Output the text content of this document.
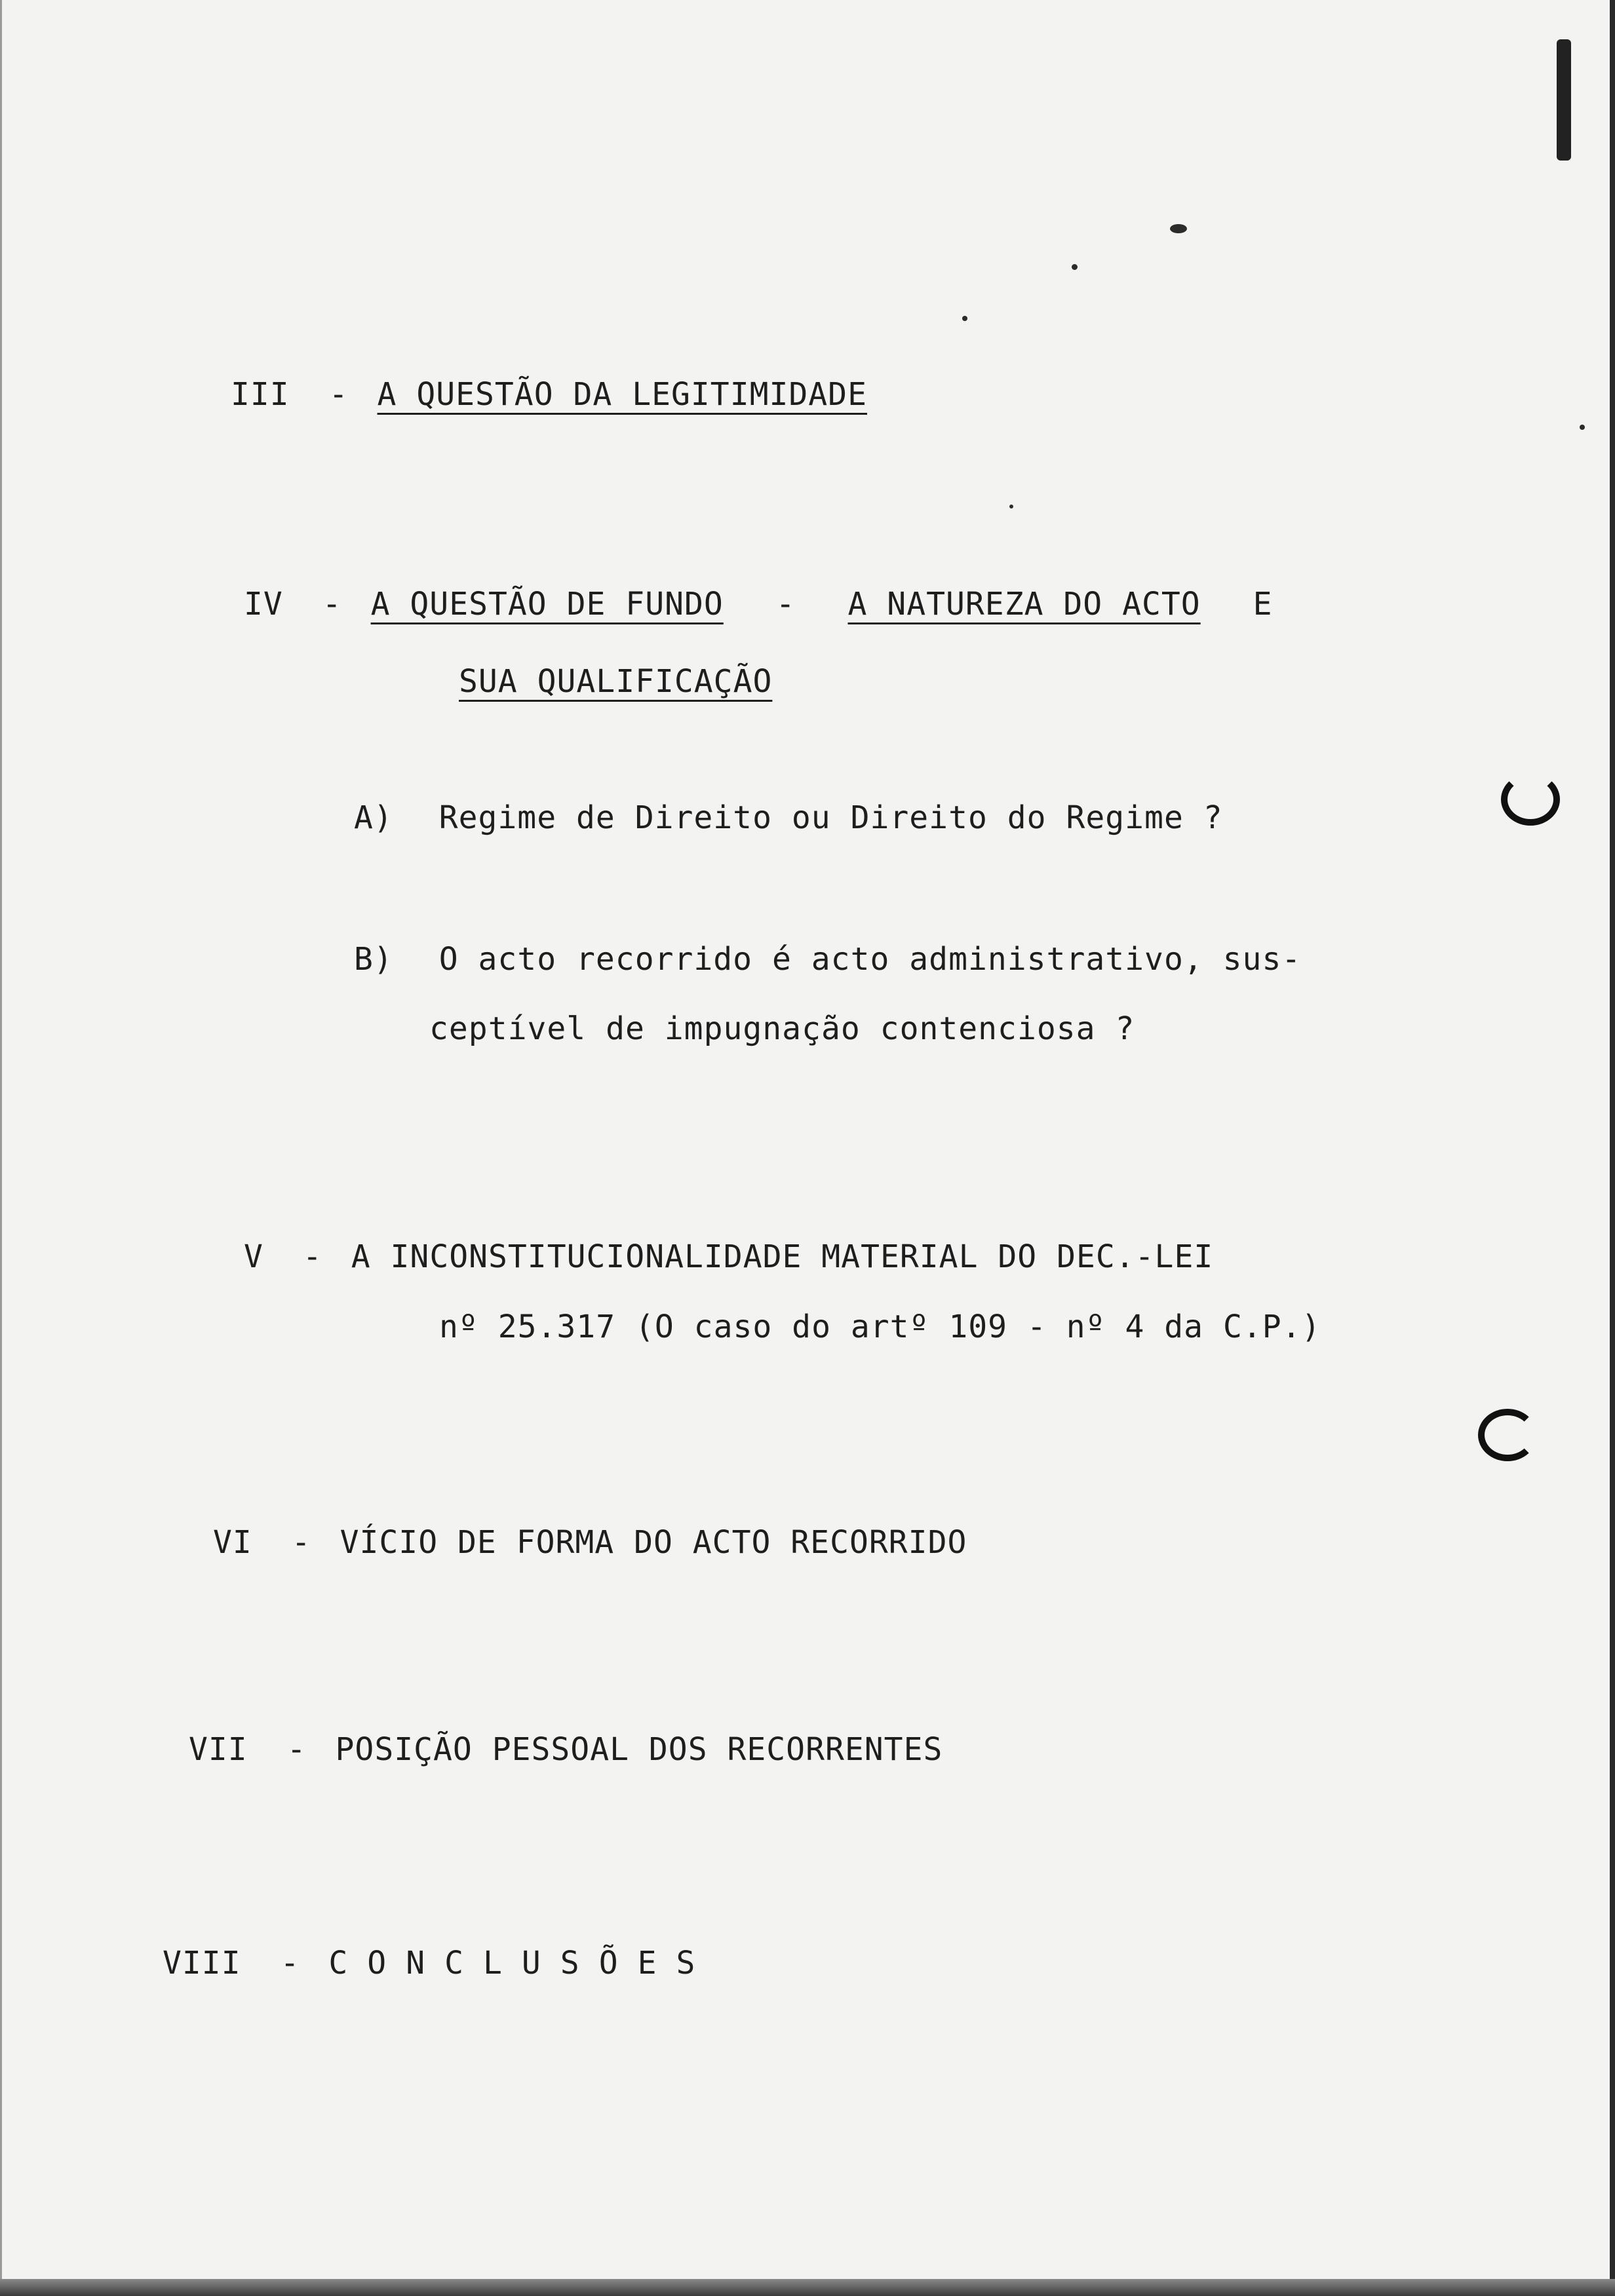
III - A QUESTÃO DA LEGITIMIDADE
IV - A QUESTÃO DE FUNDO - A NATUREZA DO ACTO E
SUA QUALIFICAÇÃO
A) Regime de Direito ou Direito do Regime ?
B) O acto recorrido é acto administrativo, sus-
ceptível de impugnação contenciosa ?
V - A INCONSTITUCIONALIDADE MATERIAL DO DEC.-LEI
nº 25.317 (O caso do artº 109 - nº 4 da C.P.)
VI - VÍCIO DE FORMA DO ACTO RECORRIDO
VII - POSIÇÃO PESSOAL DOS RECORRENTES
VIII - CONCLUSÕES
